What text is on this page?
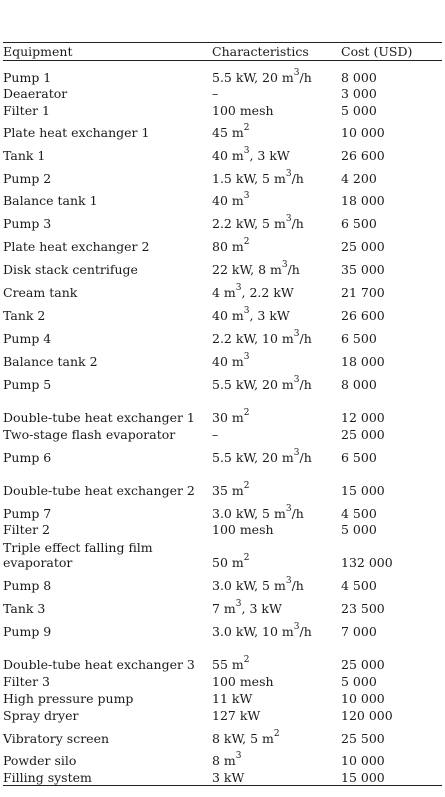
Equipment	Characteristics	Cost (USD)
Pump 1	5.5 kW, 20 $m^3/h$	8 000
Deaerator	–	3 000
Filter 1	100 mesh	5 000
Plate heat exchanger 1	45 $m^2$	10 000
Tank 1	40 $m^3$, 3 kW	26 600
Pump 2	1.5 kW, 5 $m^3/h$	4 200
Balance tank 1	40 $m^3$	18 000
Pump 3	2.2 kW, 5 $m^3/h$	6 500
Plate heat exchanger 2	80 $m^2$	25 000
Disk stack centrifuge	22 kW, 8 $m^3/h$	35 000
Cream tank	4 $m^3$, 2.2 kW	21 700
Tank 2	40 $m^3$, 3 kW	26 600
Pump 4	2.2 kW, 10 $m^3/h$	6 500
Balance tank 2	40 $m^3$	18 000
Pump 5	5.5 kW, 20 $m^3/h$	8 000
Double-tube heat exchanger 1	30 $m^2$	12 000
Two-stage flash evaporator	–	25 000
Pump 6	5.5 kW, 20 $m^3/h$	6 500
Double-tube heat exchanger 2	35 $m^2$	15 000
Pump 7	3.0 kW, 5 $m^3/h$	4 500
Filter 2	100 mesh	5 000
Triple effect falling film evaporator	50 $m^2$	132 000
Pump 8	3.0 kW, 5 $m^3/h$	4 500
Tank 3	7 $m^3$, 3 kW	23 500
Pump 9	3.0 kW, 10 $m^3/h$	7 000
Double-tube heat exchanger 3	55 $m^2$	25 000
Filter 3	100 mesh	5 000
High pressure pump	11 kW	10 000
Spray dryer	127 kW	120 000
Vibratory screen	8 kW, 5 $m^2$	25 500
Powder silo	8 $m^3$	10 000
Filling system	3 kW	15 000
